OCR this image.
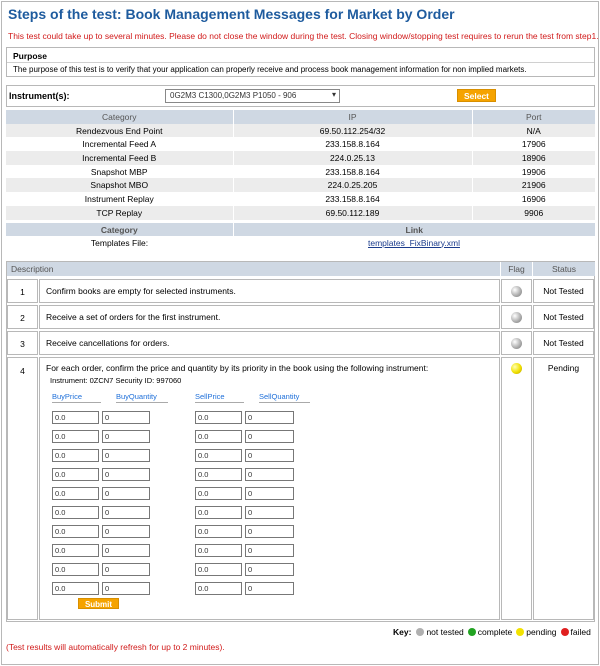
Steps of the test: Book Management Messages for Market by Order
This test could take up to several minutes. Please do not close the window during the test. Closing window/stopping test requires to rerun the test from step1.
Purpose
The purpose of this test is to verify that your application can properly receive and process book management information for non implied markets.
Instrument(s):	0G2M3 C1300,0G2M3 P1050 - 906	▾	Select
Category	IP	Port
Rendezvous End Point	69.50.112.254/32	N/A
Incremental Feed A	233.158.8.164	17906
Incremental Feed B	224.0.25.13	18906
Snapshot MBP	233.158.8.164	19906
Snapshot MBO	224.0.25.205	21906
Instrument Replay	233.158.8.164	16906
TCP Replay	69.50.112.189	9906
Category	Link
Templates File:	templates_FixBinary.xml
Description	Flag	Status
1	Confirm books are empty for selected instruments.	Not Tested
2	Receive a set of orders for the first instrument.	Not Tested
3	Receive cancellations for orders.	Not Tested
4	For each order, confirm the price and quantity by its priority in the book using the following instrument:
Instrument: 0ZCN7 Security ID: 997060
BuyPrice	BuyQuantity	SellPrice	SellQuantity
0.0	0	0.0	0
0.0	0	0.0	0
0.0	0	0.0	0
0.0	0	0.0	0
0.0	0	0.0	0
0.0	0	0.0	0
0.0	0	0.0	0
0.0	0	0.0	0
0.0	0	0.0	0
0.0	0	0.0	0
Submit
Pending
Key: not tested complete pending failed
(Test results will automatically refresh for up to 2 minutes).
